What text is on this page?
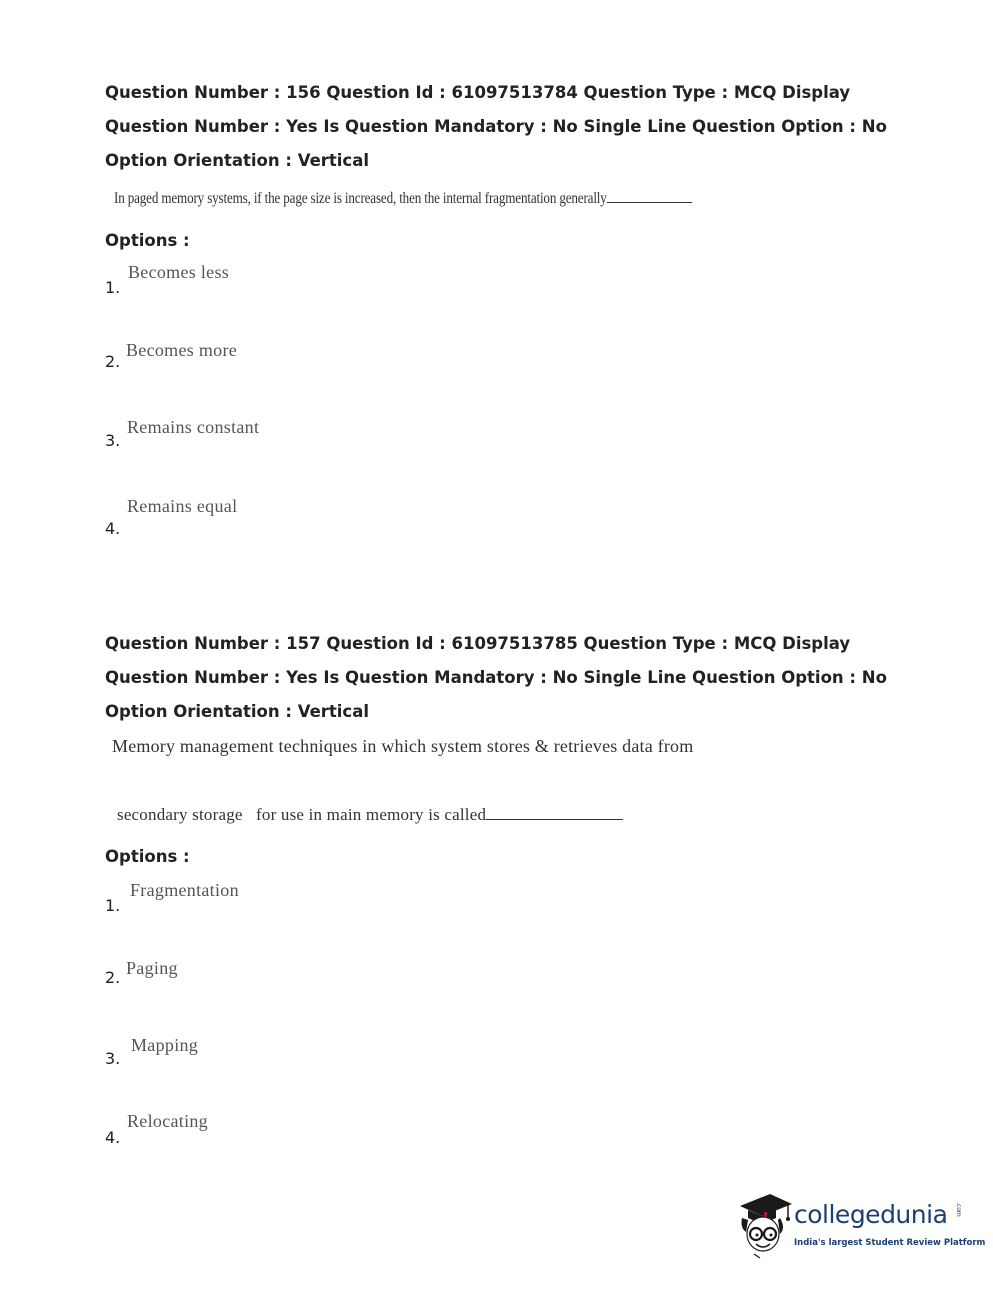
Question Number : 156 Question Id : 61097513784 Question Type : MCQ Display Question Number : Yes Is Question Mandatory : No Single Line Question Option : No Option Orientation : Vertical
In paged memory systems, if the page size is increased, then the internal fragmentation generally
Options :
1.
Becomes less
2.
Becomes more
3.
Remains constant
4.
Remains equal
Question Number : 157 Question Id : 61097513785 Question Type : MCQ Display Question Number : Yes Is Question Mandatory : No Single Line Question Option : No Option Orientation : Vertical
Memory management techniques in which system stores & retrieves data from
secondary storage   for use in main memory is called
Options :
1.
Fragmentation
2. Paging
3.
Mapping
4.
Relocating
collegedunia .com
India's largest Student Review Platform
